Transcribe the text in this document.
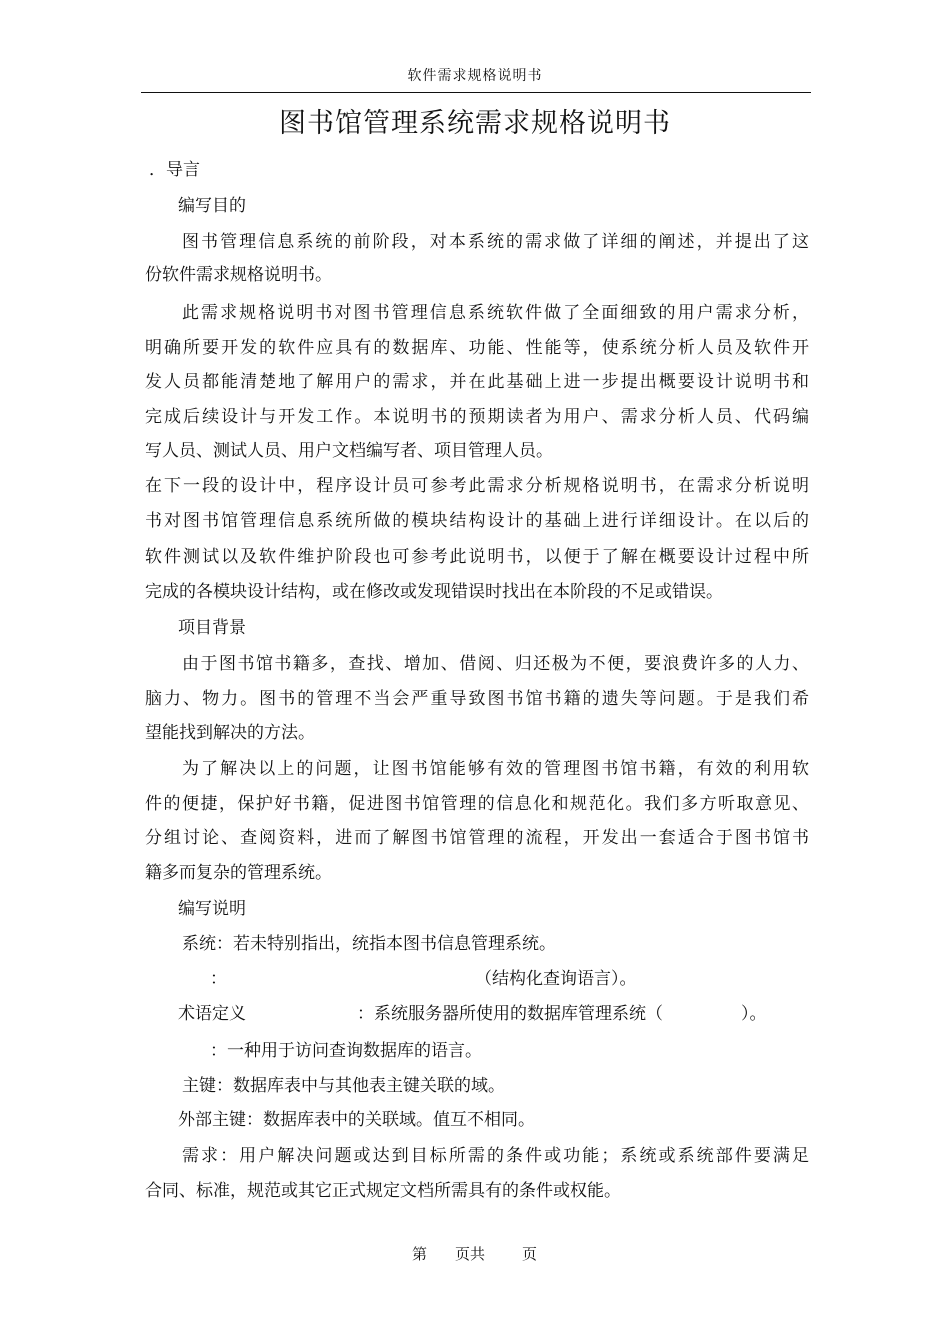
软件需求规格说明书
图书馆管理系统需求规格说明书
．导言
编写目的
图书管理信息系统的前阶段，对本系统的需求做了详细的阐述，并提出了这
份软件需求规格说明书。
此需求规格说明书对图书管理信息系统软件做了全面细致的用户需求分析，
明确所要开发的软件应具有的数据库、功能、性能等，使系统分析人员及软件开
发人员都能清楚地了解用户的需求，并在此基础上进一步提出概要设计说明书和
完成后续设计与开发工作。本说明书的预期读者为用户、需求分析人员、代码编
写人员、测试人员、用户文档编写者、项目管理人员。
在下一段的设计中，程序设计员可参考此需求分析规格说明书，在需求分析说明
书对图书馆管理信息系统所做的模块结构设计的基础上进行详细设计。在以后的
软件测试以及软件维护阶段也可参考此说明书，以便于了解在概要设计过程中所
完成的各模块设计结构，或在修改或发现错误时找出在本阶段的不足或错误。
项目背景
由于图书馆书籍多，查找、增加、借阅、归还极为不便，要浪费许多的人力、
脑力、物力。图书的管理不当会严重导致图书馆书籍的遗失等问题。于是我们希
望能找到解决的方法。
为了解决以上的问题，让图书馆能够有效的管理图书馆书籍，有效的利用软
件的便捷，保护好书籍，促进图书馆管理的信息化和规范化。我们多方听取意见、
分组讨论、查阅资料，进而了解图书馆管理的流程，开发出一套适合于图书馆书
籍多而复杂的管理系统。
编写说明
系统：若未特别指出，统指本图书信息管理系统。
：	（结构化查询语言）。
术语定义	：系统服务器所使用的数据库管理系统（	）。
：一种用于访问查询数据库的语言。
主键：数据库表中与其他表主键关联的域。
外部主键：数据库表中的关联域。值互不相同。
需求：用户解决问题或达到目标所需的条件或功能；系统或系统部件要满足
合同、标准，规范或其它正式规定文档所需具有的条件或权能。
第 页共 页
